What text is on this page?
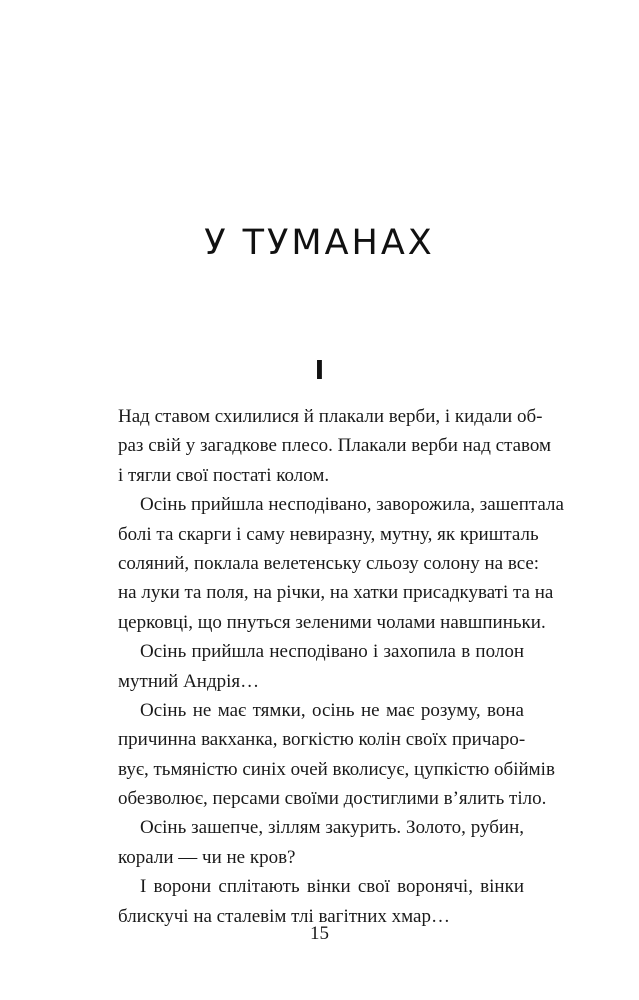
У ТУМАНАХ
І
Над ставом схилилися й плакали верби, і кидали об-
раз свій у загадкове плесо. Плакали верби над ставом
і тягли свої постаті колом.
Осінь прийшла несподівано, заворожила, зашептала
болі та скарги і саму невиразну, мутну, як кришталь
соляний, поклала велетенську сльозу солону на все:
на луки та поля, на річки, на хатки присадкуваті та на
церковці, що пнуться зеленими чолами навшпиньки.
Осінь прийшла несподівано і захопила в полон
мутний Андрія…
Осінь не має тямки, осінь не має розуму, вона
причинна вакханка, вогкістю колін своїх причаро-
вує, тьмяністю синіх очей вколисує, цупкістю обіймів
обезволює, персами своїми достиглими в’ялить тіло.
Осінь зашепче, зіллям закурить. Золото, рубин,
корали — чи не кров?
І ворони сплітають вінки свої воронячі, вінки
блискучі на сталевім тлі вагітних хмар…
15
